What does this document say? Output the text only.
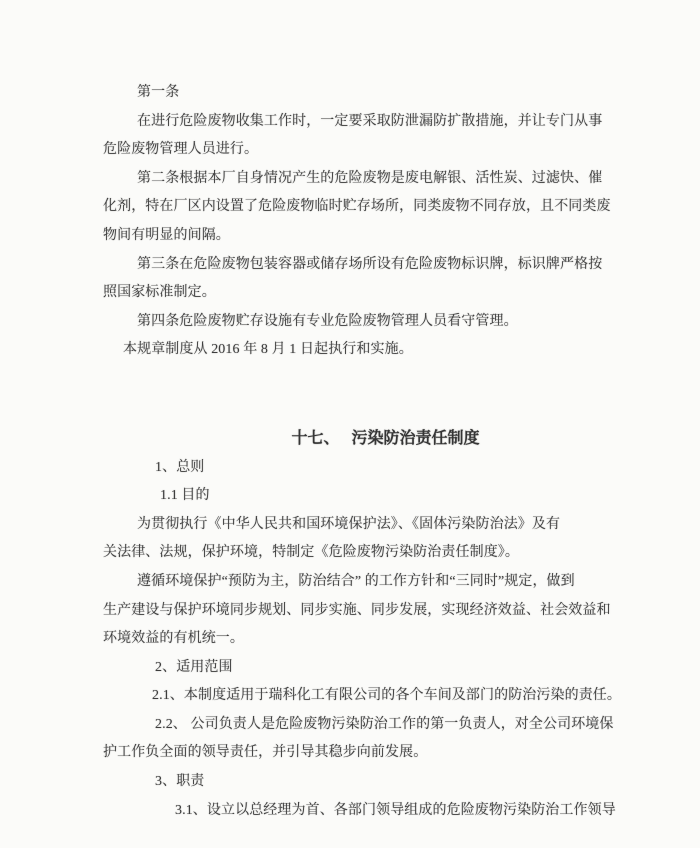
第一条

在进行危险废物收集工作时，一定要采取防泄漏防扩散措施，并让专门从事

危险废物管理人员进行。

第二条根据本厂自身情况产生的危险废物是废电解银、活性炭、过滤快、催

化剂，特在厂区内设置了危险废物临时贮存场所，同类废物不同存放，且不同类废

物间有明显的间隔。

第三条在危险废物包装容器或储存场所设有危险废物标识牌，标识牌严格按

照国家标准制定。

第四条危险废物贮存设施有专业危险废物管理人员看守管理。

本规章制度从 2016 年 8 月 1 日起执行和实施。

十七、　 污染防治责任制度

1、总则

1.1 目的

为贯彻执行《中华人民共和国环境保护法》、《固体污染防治法》及有

关法律、法规，保护环境，特制定《危险废物污染防治责任制度》。

遵循环境保护“预防为主，防治结合” 的工作方针和“三同时”规定，做到

生产建设与保护环境同步规划、同步实施、同步发展，实现经济效益、社会效益和

环境效益的有机统一。

2、适用范围

2.1、本制度适用于瑞科化工有限公司的各个车间及部门的防治污染的责任。

2.2、 公司负责人是危险废物污染防治工作的第一负责人，对全公司环境保

护工作负全面的领导责任，并引导其稳步向前发展。

3、职责

3.1、设立以总经理为首、各部门领导组成的危险废物污染防治工作领导
